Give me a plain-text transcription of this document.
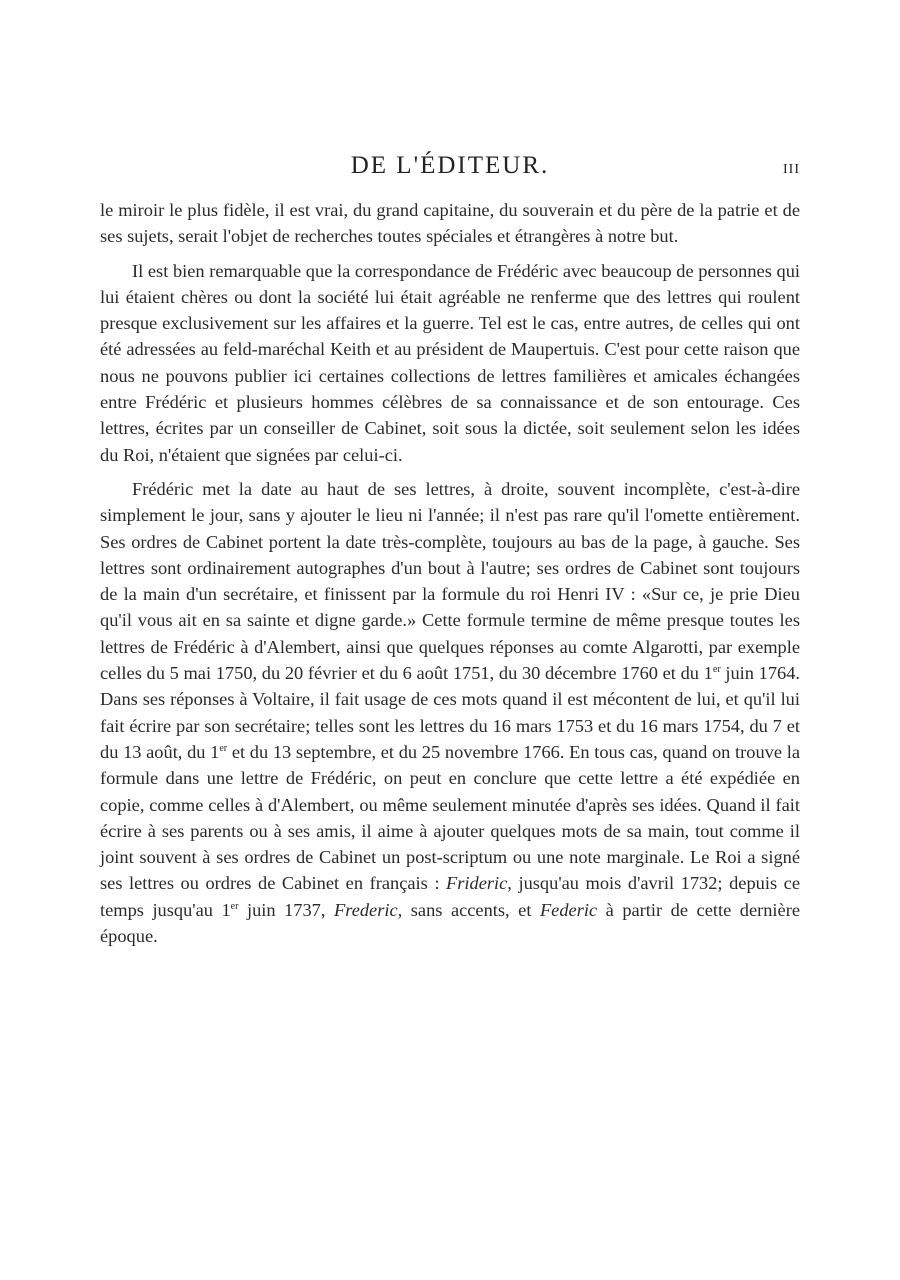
DE L'ÉDITEUR.	III

le miroir le plus fidèle, il est vrai, du grand capitaine, du souverain et du père de la patrie et de ses sujets, serait l'objet de recherches toutes spéciales et étrangères à notre but.

Il est bien remarquable que la correspondance de Frédéric avec beaucoup de personnes qui lui étaient chères ou dont la société lui était agréable ne renferme que des lettres qui roulent presque exclusivement sur les affaires et la guerre. Tel est le cas, entre autres, de celles qui ont été adressées au feld-maréchal Keith et au président de Maupertuis. C'est pour cette raison que nous ne pouvons publier ici certaines collections de lettres familières et amicales échangées entre Frédéric et plusieurs hommes célèbres de sa connaissance et de son entourage. Ces lettres, écrites par un conseiller de Cabinet, soit sous la dictée, soit seulement selon les idées du Roi, n'étaient que signées par celui-ci.

Frédéric met la date au haut de ses lettres, à droite, souvent incomplète, c'est-à-dire simplement le jour, sans y ajouter le lieu ni l'année; il n'est pas rare qu'il l'omette entièrement. Ses ordres de Cabinet portent la date très-complète, toujours au bas de la page, à gauche. Ses lettres sont ordinairement autographes d'un bout à l'autre; ses ordres de Cabinet sont toujours de la main d'un secrétaire, et finissent par la formule du roi Henri IV : «Sur ce, je prie Dieu qu'il vous ait en sa sainte et digne garde.» Cette formule termine de même presque toutes les lettres de Frédéric à d'Alembert, ainsi que quelques réponses au comte Algarotti, par exemple celles du 5 mai 1750, du 20 février et du 6 août 1751, du 30 décembre 1760 et du 1er juin 1764. Dans ses réponses à Voltaire, il fait usage de ces mots quand il est mécontent de lui, et qu'il lui fait écrire par son secrétaire; telles sont les lettres du 16 mars 1753 et du 16 mars 1754, du 7 et du 13 août, du 1er et du 13 septembre, et du 25 novembre 1766. En tous cas, quand on trouve la formule dans une lettre de Frédéric, on peut en conclure que cette lettre a été expédiée en copie, comme celles à d'Alembert, ou même seulement minutée d'après ses idées. Quand il fait écrire à ses parents ou à ses amis, il aime à ajouter quelques mots de sa main, tout comme il joint souvent à ses ordres de Cabinet un post-scriptum ou une note marginale. Le Roi a signé ses lettres ou ordres de Cabinet en français : Frideric, jusqu'au mois d'avril 1732; depuis ce temps jusqu'au 1er juin 1737, Frederic, sans accents, et Federic à partir de cette dernière époque.
